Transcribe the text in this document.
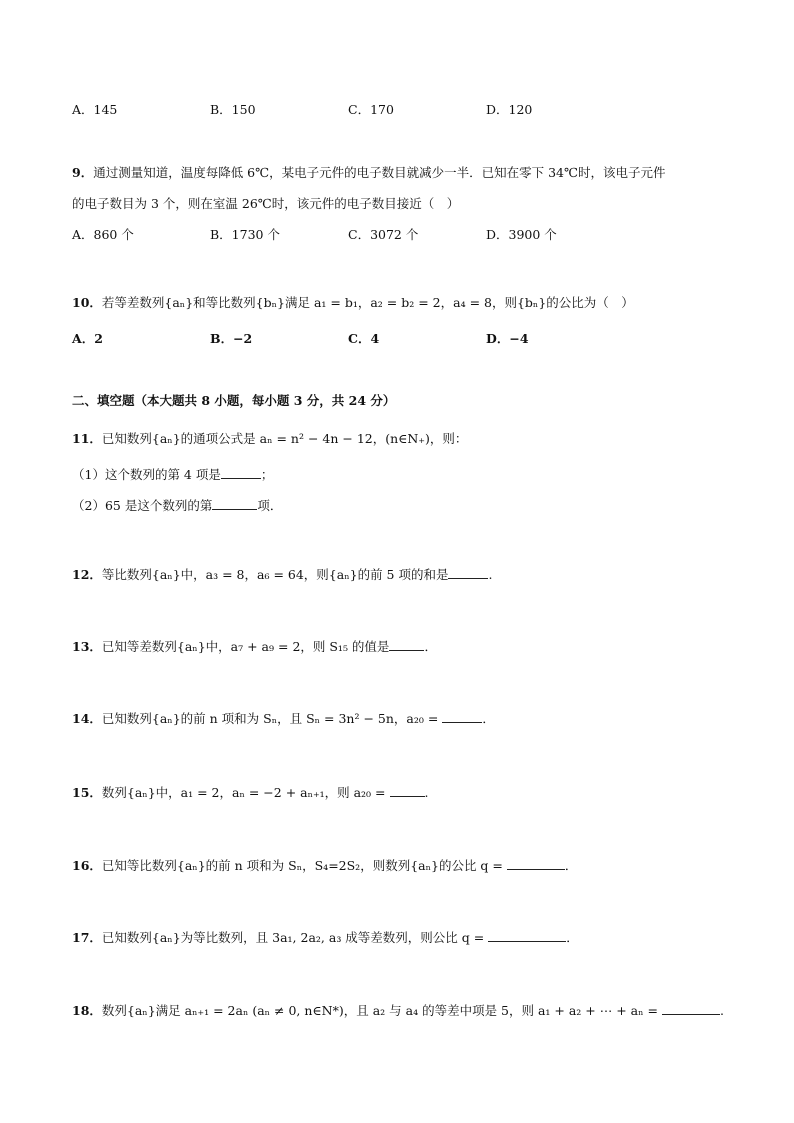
A．145	B．150	C．170	D．120
9．通过测量知道，温度每降低 6℃，某电子元件的电子数目就减少一半．已知在零下 34℃时，该电子元件
的电子数目为 3 个，则在室温 26℃时，该元件的电子数目接近（　）
A．860 个	B．1730 个	C．3072 个	D．3900 个
10．若等差数列{aₙ}和等比数列{bₙ}满足 a₁ = b₁，a₂ = b₂ = 2，a₄ = 8，则{bₙ}的公比为（　）
A．2	B．−2	C．4	D．−4
二、填空题（本大题共 8 小题，每小题 3 分，共 24 分）
11．已知数列{aₙ}的通项公式是 aₙ = n² − 4n − 12，(n∈N₊)，则：
（1）这个数列的第 4 项是	；
（2）65 是这个数列的第	项．
12．等比数列{aₙ}中，a₃ = 8，a₆ = 64，则{aₙ}的前 5 项的和是	.
13．已知等差数列{aₙ}中，a₇ + a₉ = 2，则 S₁₅ 的值是	．
14．已知数列{aₙ}的前 n 项和为 Sₙ，且 Sₙ = 3n² − 5n，a₂₀ =	．
15．数列{aₙ}中，a₁ = 2，aₙ = −2 + aₙ₊₁，则 a₂₀ =	.
16．已知等比数列{aₙ}的前 n 项和为 Sₙ，S₄=2S₂，则数列{aₙ}的公比 q =	．
17．已知数列{aₙ}为等比数列，且 3a₁, 2a₂, a₃ 成等差数列，则公比 q =	．
18．数列{aₙ}满足 aₙ₊₁ = 2aₙ (aₙ ≠ 0, n∈N*)，且 a₂ 与 a₄ 的等差中项是 5，则 a₁ + a₂ + ⋯ + aₙ =	.
